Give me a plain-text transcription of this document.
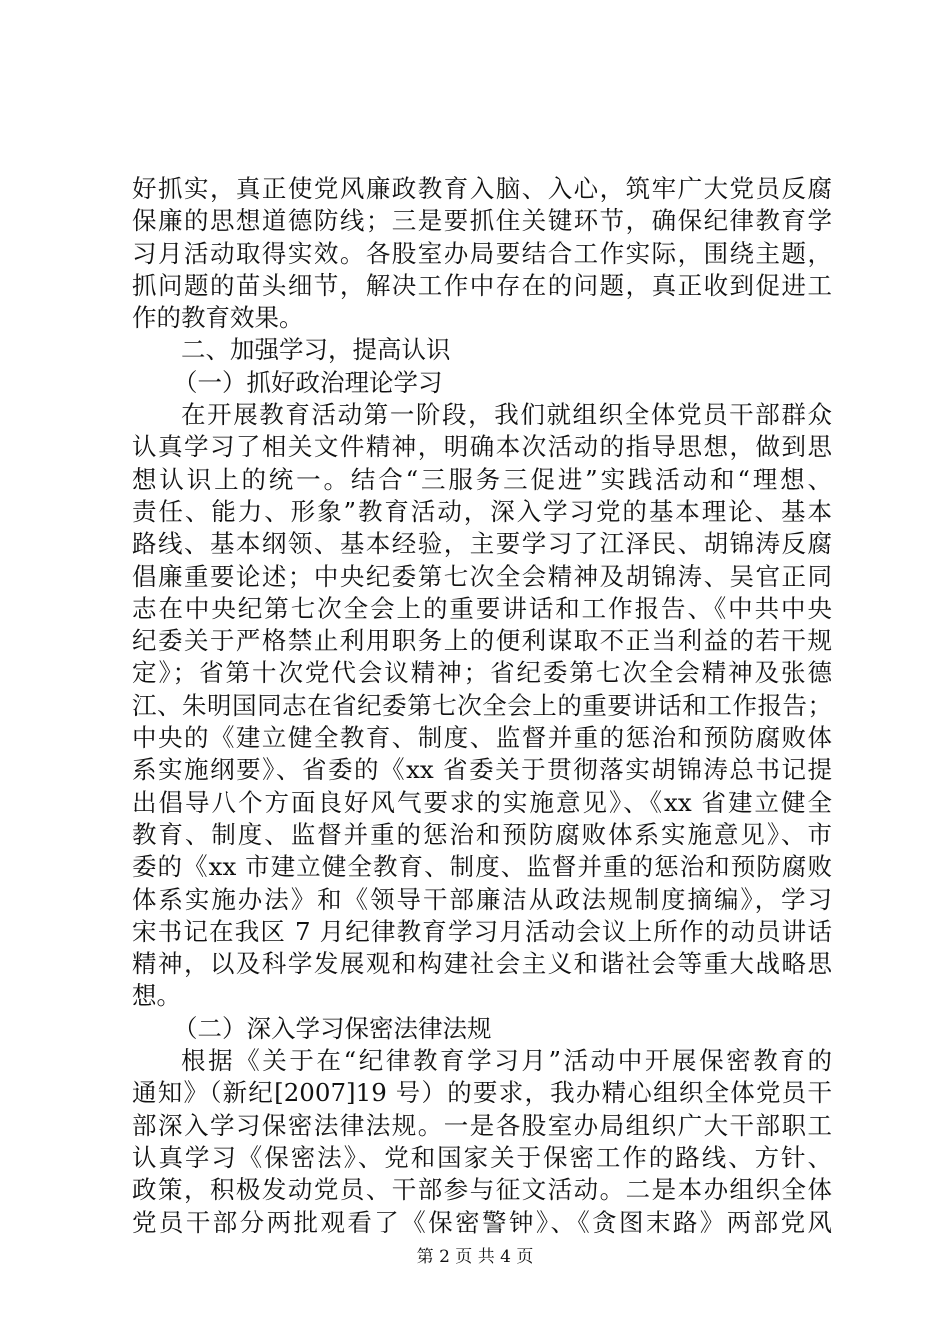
好抓实，真正使党风廉政教育入脑、入心，筑牢广大党员反腐
保廉的思想道德防线；三是要抓住关键环节，确保纪律教育学
习月活动取得实效。各股室办局要结合工作实际，围绕主题，
抓问题的苗头细节，解决工作中存在的问题，真正收到促进工
作的教育效果。
二、加强学习，提高认识
（一）抓好政治理论学习
在开展教育活动第一阶段，我们就组织全体党员干部群众
认真学习了相关文件精神，明确本次活动的指导思想，做到思
想认识上的统一。结合“三服务三促进”实践活动和“理想、
责任、能力、形象”教育活动，深入学习党的基本理论、基本
路线、基本纲领、基本经验，主要学习了江泽民、胡锦涛反腐
倡廉重要论述；中央纪委第七次全会精神及胡锦涛、吴官正同
志在中央纪第七次全会上的重要讲话和工作报告、《中共中央
纪委关于严格禁止利用职务上的便利谋取不正当利益的若干规
定》；省第十次党代会议精神；省纪委第七次全会精神及张德
江、朱明国同志在省纪委第七次全会上的重要讲话和工作报告；
中央的《建立健全教育、制度、监督并重的惩治和预防腐败体
系实施纲要》、省委的《xx 省委关于贯彻落实胡锦涛总书记提
出倡导八个方面良好风气要求的实施意见》、《xx 省建立健全
教育、制度、监督并重的惩治和预防腐败体系实施意见》、市
委的《xx 市建立健全教育、制度、监督并重的惩治和预防腐败
体系实施办法》和《领导干部廉洁从政法规制度摘编》，学习
宋书记在我区 7 月纪律教育学习月活动会议上所作的动员讲话
精神，以及科学发展观和构建社会主义和谐社会等重大战略思
想。
（二）深入学习保密法律法规
根据《关于在“纪律教育学习月”活动中开展保密教育的
通知》（新纪[2007]19 号）的要求，我办精心组织全体党员干
部深入学习保密法律法规。一是各股室办局组织广大干部职工
认真学习《保密法》、党和国家关于保密工作的路线、方针、
政策，积极发动党员、干部参与征文活动。二是本办组织全体
党员干部分两批观看了《保密警钟》、《贪图末路》两部党风
第 2 页 共 4 页
